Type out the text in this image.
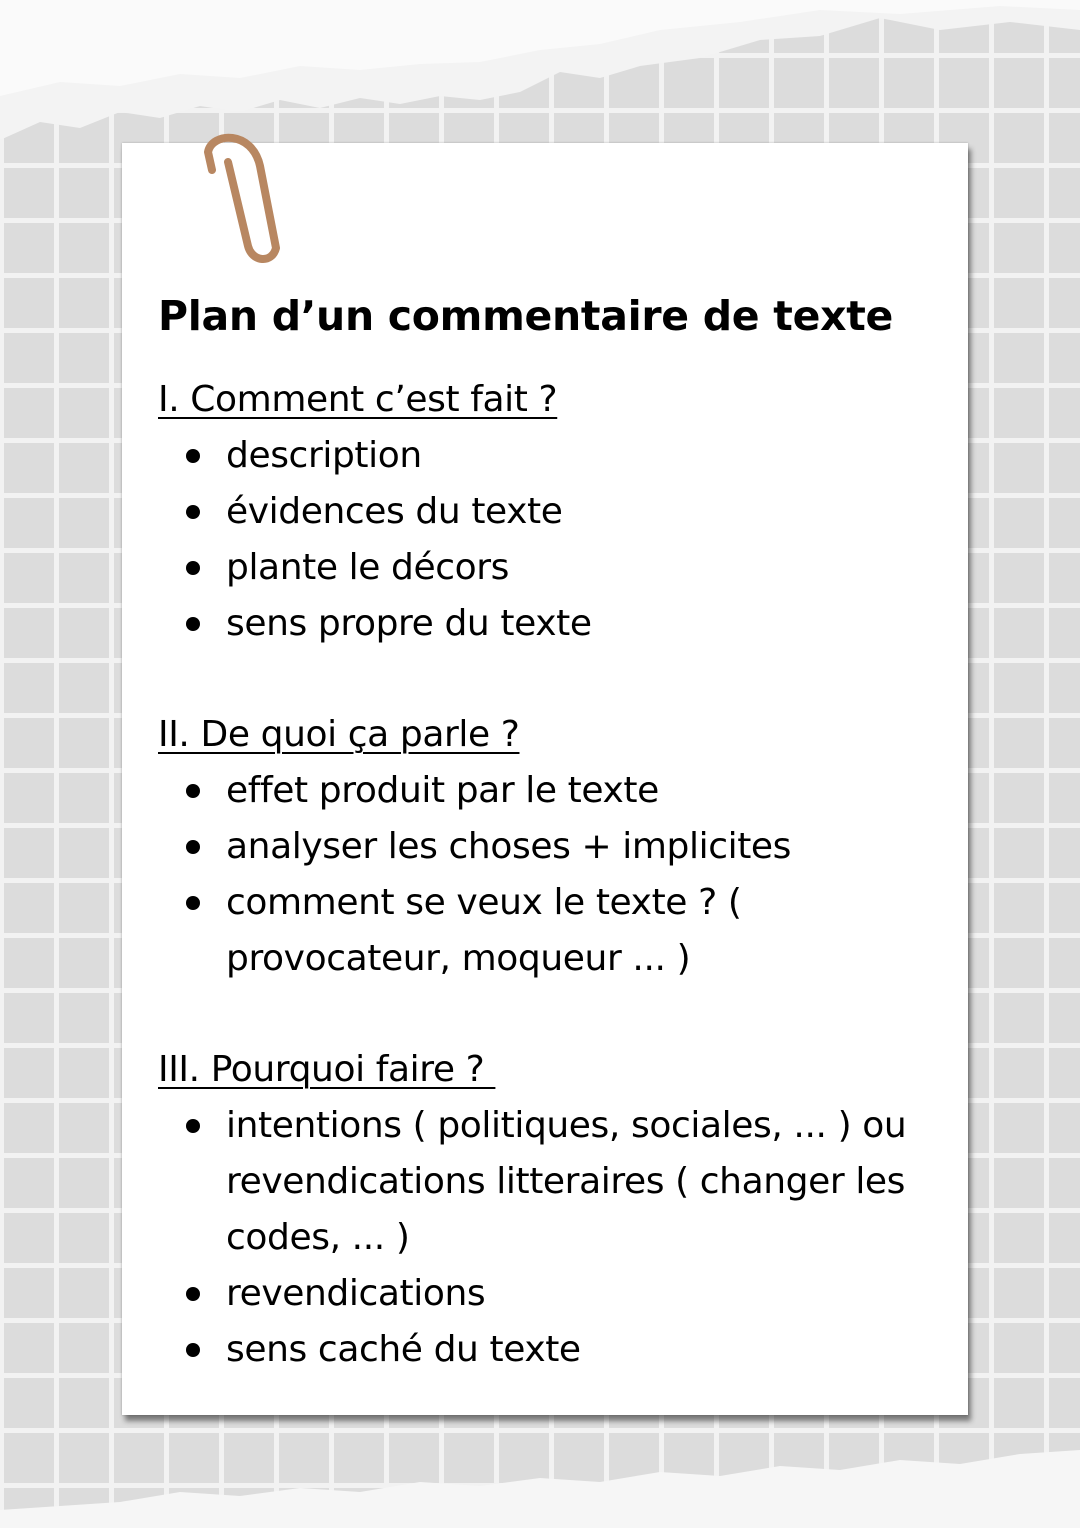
Plan d’un commentaire de texte
I. Comment c’est fait ?
description
évidences du texte
plante le décors
sens propre du texte
II. De quoi ça parle ?
effet produit par le texte
analyser les choses + implicites
comment se veux le texte ? ( provocateur, moqueur ... )
III. Pourquoi faire ?
intentions ( politiques, sociales, ... ) ou revendications litteraires ( changer les codes, ... )
revendications
sens caché du texte
